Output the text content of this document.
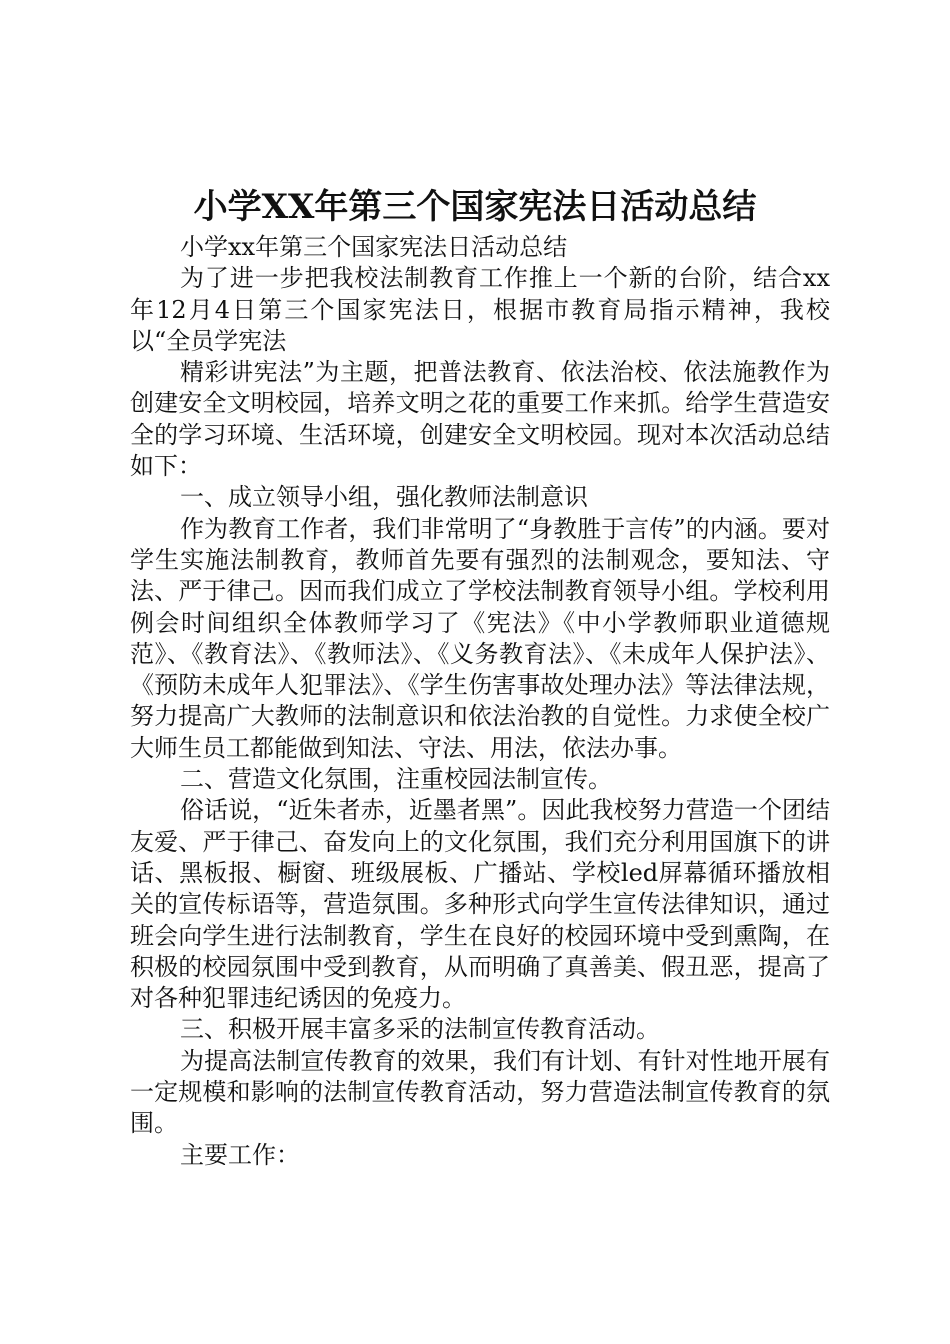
小学XX年第三个国家宪法日活动总结

小学xx年第三个国家宪法日活动总结

为了进一步把我校法制教育工作推上一个新的台阶，结合xx年12月4日第三个国家宪法日，根据市教育局指示精神，我校以“全员学宪法

精彩讲宪法”为主题，把普法教育、依法治校、依法施教作为创建安全文明校园，培养文明之花的重要工作来抓。给学生营造安全的学习环境、生活环境，创建安全文明校园。现对本次活动总结如下：

一、成立领导小组，强化教师法制意识

作为教育工作者，我们非常明了“身教胜于言传”的内涵。要对学生实施法制教育，教师首先要有强烈的法制观念，要知法、守法、严于律己。因而我们成立了学校法制教育领导小组。学校利用例会时间组织全体教师学习了《宪法》《中小学教师职业道德规范》、《教育法》、《教师法》、《义务教育法》、《未成年人保护法》、《预防未成年人犯罪法》、《学生伤害事故处理办法》等法律法规，努力提高广大教师的法制意识和依法治教的自觉性。力求使全校广大师生员工都能做到知法、守法、用法，依法办事。

二、营造文化氛围，注重校园法制宣传。

俗话说，“近朱者赤，近墨者黑”。因此我校努力营造一个团结友爱、严于律己、奋发向上的文化氛围，我们充分利用国旗下的讲话、黑板报、橱窗、班级展板、广播站、学校led屏幕循环播放相关的宣传标语等，营造氛围。多种形式向学生宣传法律知识，通过班会向学生进行法制教育，学生在良好的校园环境中受到熏陶，在积极的校园氛围中受到教育，从而明确了真善美、假丑恶，提高了对各种犯罪违纪诱因的免疫力。

三、积极开展丰富多采的法制宣传教育活动。

为提高法制宣传教育的效果，我们有计划、有针对性地开展有一定规模和影响的法制宣传教育活动，努力营造法制宣传教育的氛围。

主要工作：
